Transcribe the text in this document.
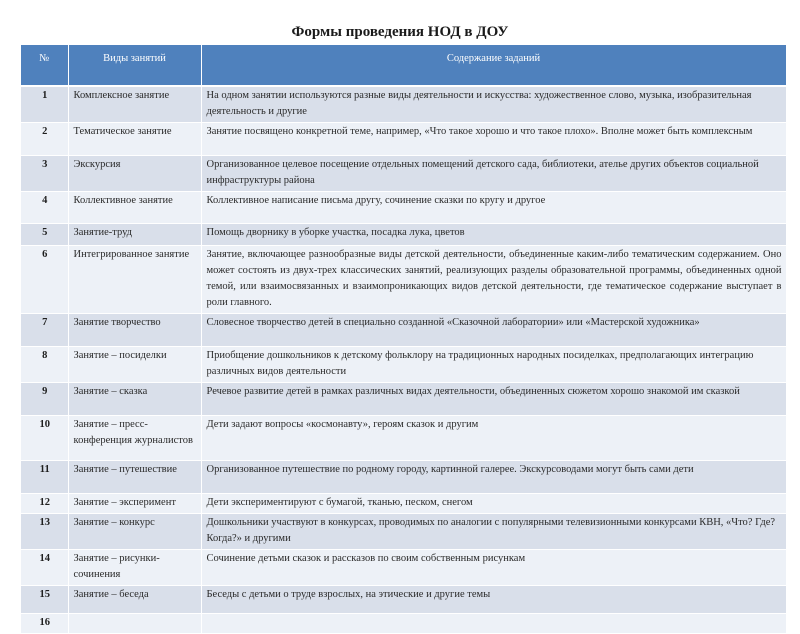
Формы проведения НОД в ДОУ
№	Виды занятий	Содержание заданий
1	Комплексное занятие	На одном занятии используются разные виды деятельности и искусства: художественное слово, музыка, изобразительная деятельность и другие
2	Тематическое занятие	Занятие посвящено конкретной теме, например, «Что такое хорошо и что такое плохо». Вполне может быть комплексным
3	Экскурсия	Организованное целевое посещение отдельных помещений детского сада, библиотеки, ателье других объектов социальной инфраструктуры района
4	Коллективное занятие	Коллективное написание письма другу, сочинение сказки по кругу и другое
5	Занятие-труд	Помощь дворнику в уборке участка, посадка лука, цветов
6	Интегрированное занятие	Занятие, включающее разнообразные виды детской деятельности, объединенные каким-либо тематическим содержанием. Оно может состоять из двух-трех классических занятий, реализующих разделы образовательной программы, объединенных одной темой, или взаимосвязанных и взаимопроникающих видов детской деятельности, где тематическое содержание выступает в роли главного.
7	Занятие творчество	Словесное творчество детей в специально созданной «Сказочной лаборатории» или «Мастерской художника»
8	Занятие – посиделки	Приобщение дошкольников к детскому фольклору на традиционных народных посиделках, предполагающих интеграцию различных видов деятельности
9	Занятие – сказка	Речевое развитие детей в рамках различных видах деятельности, объединенных сюжетом хорошо знакомой им сказкой
10	Занятие – пресс-конференция журналистов	Дети задают вопросы «космонавту», героям сказок и другим
11	Занятие – путешествие	Организованное путешествие по родному городу, картинной галерее. Экскурсоводами могут быть сами дети
12	Занятие – эксперимент	Дети экспериментируют с бумагой, тканью, песком, снегом
13	Занятие – конкурс	Дошкольники участвуют в конкурсах, проводимых по аналогии с популярными телевизионными конкурсами КВН, «Что? Где? Когда?» и другими
14	Занятие – рисунки-сочинения	Сочинение детьми сказок и рассказов по своим собственным рисункам
15	Занятие – беседа	Беседы с детьми о труде взрослых, на этические и другие темы
16		
